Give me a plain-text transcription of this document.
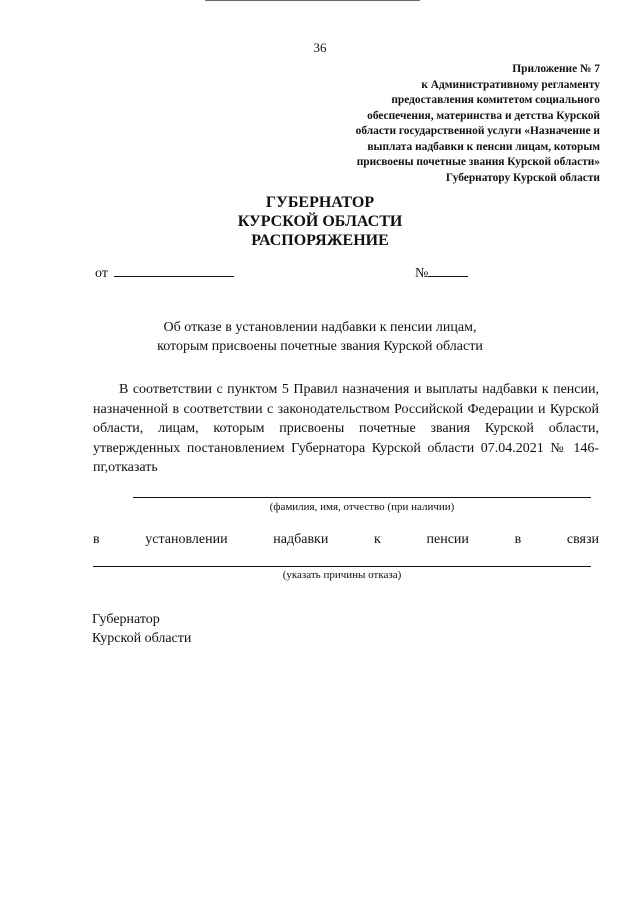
36
Приложение № 7
к Административному регламенту
предоставления комитетом социального
обеспечения, материнства и детства Курской
области государственной услуги «Назначение и
выплата надбавки к пенсии лицам, которым
присвоены почетные звания Курской области»
Губернатору Курской области
ГУБЕРНАТОР
КУРСКОЙ ОБЛАСТИ
РАСПОРЯЖЕНИЕ
от	№
Об отказе в установлении надбавки к пенсии лицам,
которым присвоены почетные звания Курской области
В соответствии с пунктом 5 Правил назначения и выплаты надбавки к пенсии, назначенной в соответствии с законодательством Российской Федерации и Курской области, лицам, которым присвоены почетные звания Курской области, утвержденных постановлением Губернатора Курской области 07.04.2021 № 146-пг,отказать
(фамилия, имя, отчество (при наличии)
в	установлении	надбавки	к	пенсии	в	связи
(указать причины отказа)
Губернатор
Курской области
